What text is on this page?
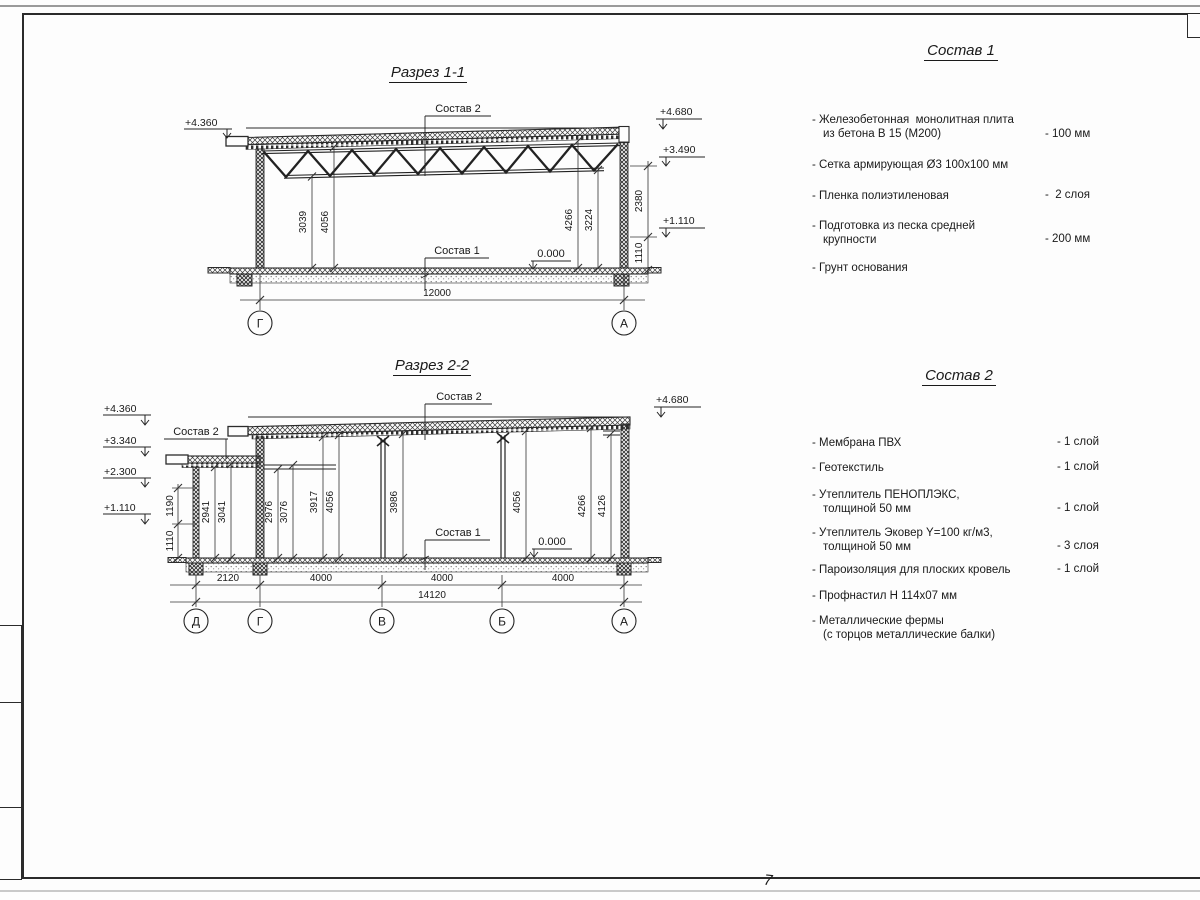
7
Разрез 1-1
Разрез 2-2
3039 4056	4266 3224
2380
1110
+4.360
+4.680
+3.490
+1.110
Состав 2
Состав 1	0.000
12000
Г	А
1190
1110
2941 3041	2976 3076 3917 4056	3986	4056	4266 4126
+4.360
+3.340
+2.300
+1.110
+4.680
Состав 2
Состав 2
Состав 1
0.000
2120	4000	4000	4000
14120
Д	Г	В	Б	А
Состав 1
- Железобетонная  монолитная плита
из бетона В 15 (М200)	- 100 мм
- Сетка армирующая Ø3 100х100 мм
- Пленка полиэтиленовая	-  2 слоя
- Подготовка из песка средней
крупности	- 200 мм
- Грунт основания
Состав 2
- Мембрана ПВХ	- 1 слой
- Геотекстиль	- 1 слой
- Утеплитель ПЕНОПЛЭКС,
толщиной 50 мм	- 1 слой
- Утеплитель Эковер Y=100 кг/м3,
толщиной 50 мм	- 3 слоя
- Пароизоляция для плоских кровель	- 1 слой
- Профнастил Н 114х07 мм
- Металлические фермы
(с торцов металлические балки)
